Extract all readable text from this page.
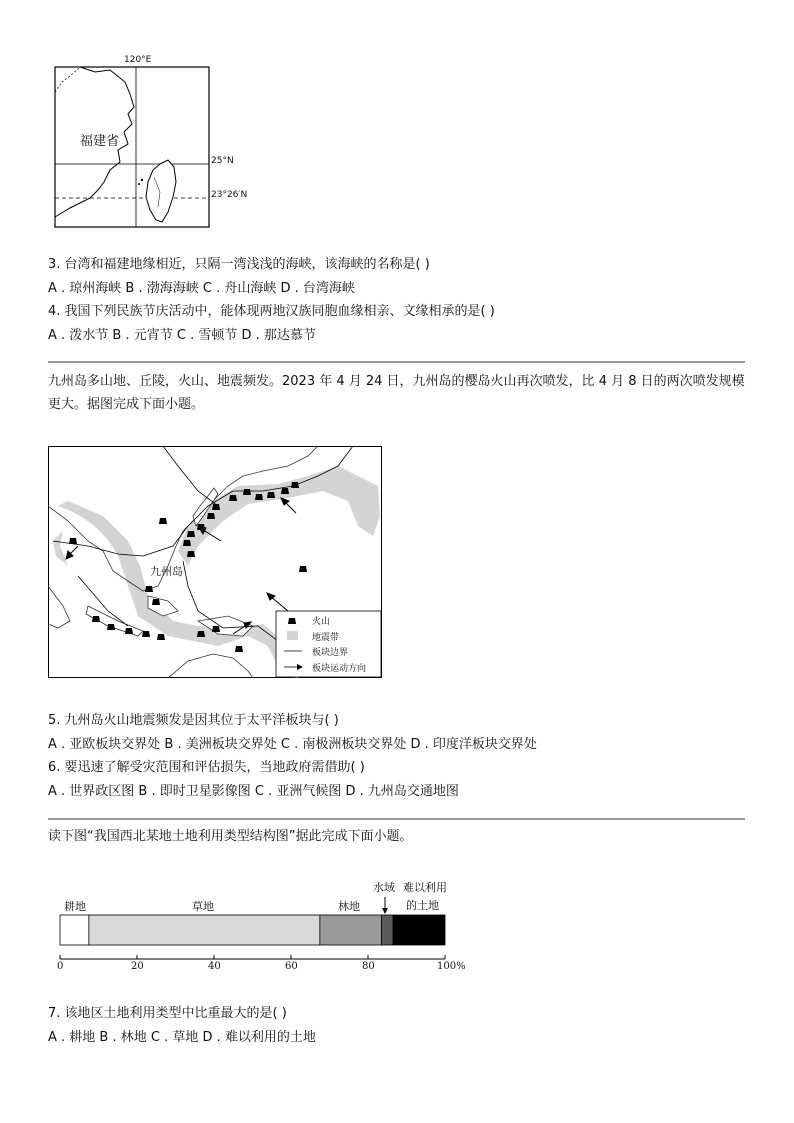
120°E
福建省
25°N
23°26′N
3. 台湾和福建地缘相近，只隔一湾浅浅的海峡，该海峡的名称是( )
A . 琼州海峡 B . 渤海海峡 C . 舟山海峡 D . 台湾海峡
4. 我国下列民族节庆活动中，能体现两地汉族同胞血缘相亲、文缘相承的是( )
A . 泼水节 B . 元宵节 C . 雪顿节 D . 那达慕节
九州岛多山地、丘陵，火山、地震频发。2023 年 4 月 24 日，九州岛的樱岛火山再次喷发，比 4 月 8 日的两次喷发规模更大。据图完成下面小题。
九州岛
火山
地震带
板块边界
板块运动方向
5. 九州岛火山地震频发是因其位于太平洋板块与( )
A . 亚欧板块交界处 B . 美洲板块交界处 C . 南极洲板块交界处 D . 印度洋板块交界处
6. 要迅速了解受灾范围和评估损失，当地政府需借助( )
A . 世界政区图 B . 即时卫星影像图 C . 亚洲气候图 D . 九州岛交通地图
读下图“我国西北某地土地利用类型结构图”据此完成下面小题。
耕地	草地	林地
水域 难以利用
的土地
0	20	40	60	80	100%
7. 该地区土地利用类型中比重最大的是( )
A . 耕地 B . 林地 C . 草地 D . 难以利用的土地
